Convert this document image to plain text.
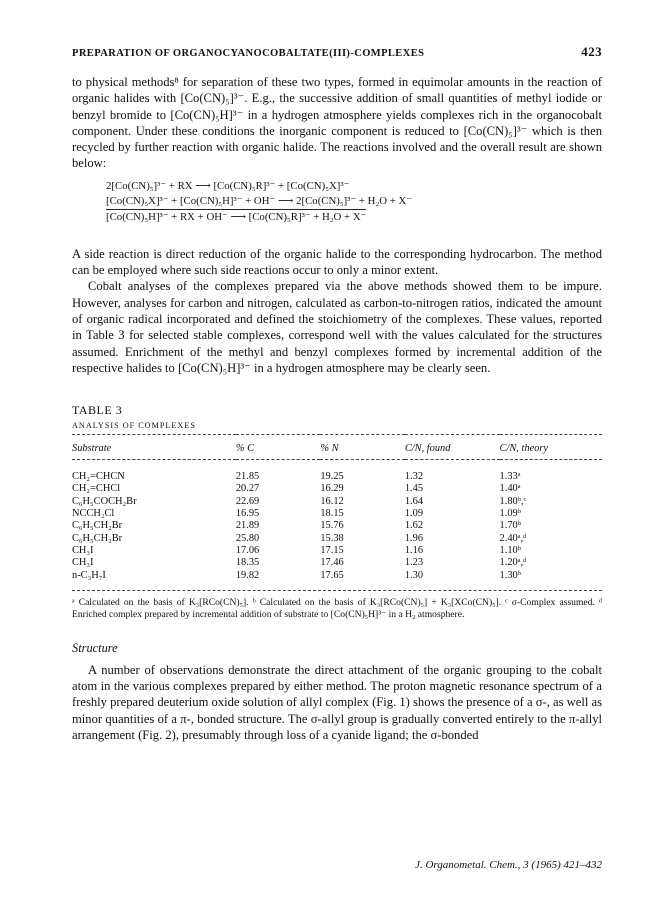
PREPARATION OF ORGANOCYANOCOBALTATE(III)-COMPLEXES	423

to physical methods⁸ for separation of these two types, formed in equimolar amounts in the reaction of organic halides with [Co(CN)₅]³⁻. E.g., the successive addition of small quantities of methyl iodide or benzyl bromide to [Co(CN)₅H]³⁻ in a hydrogen atmosphere yields complexes rich in the organocobalt component. Under these conditions the inorganic component is reduced to [Co(CN)₅]³⁻ which is then recycled by further reaction with organic halide. The reactions involved and the overall result are shown below:

2[Co(CN)₅]³⁻ + RX ⟶ [Co(CN)₅R]³⁻ + [Co(CN)₅X]³⁻
[Co(CN)₅X]³⁻ + [Co(CN)₅H]³⁻ + OH⁻ ⟶ 2[Co(CN)₅]³⁻ + H₂O + X⁻
[Co(CN)₅H]³⁻ + RX + OH⁻ ⟶ [Co(CN)₅R]³⁻ + H₂O + X⁻

A side reaction is direct reduction of the organic halide to the corresponding hydrocarbon. The method can be employed where such side reactions occur to only a minor extent.

Cobalt analyses of the complexes prepared via the above methods showed them to be impure. However, analyses for carbon and nitrogen, calculated as carbon-to-nitrogen ratios, indicated the amount of organic radical incorporated and defined the stoichiometry of the complexes. These values, reported in Table 3 for selected stable complexes, correspond well with the values calculated for the structures assumed. Enrichment of the methyl and benzyl complexes formed by incremental addition of the respective halides to [Co(CN)₅H]³⁻ in a hydrogen atmosphere may be clearly seen.

TABLE 3

ANALYSIS OF COMPLEXES

Substrate	% C	% N	C/N, found	C/N, theory
CH₂=CHCN	21.85	19.25	1.32	1.33ᵃ
CH₂=CHCl	20.27	16.29	1.45	1.40ᵃ
C₆H₅COCH₂Br	22.69	16.12	1.64	1.80ᵇ,ᶜ
NCCH₂Cl	16.95	18.15	1.09	1.09ᵇ
C₆H₅CH₂Br	21.89	15.76	1.62	1.70ᵇ
C₆H₅CH₂Br	25.80	15.38	1.96	2.40ᵃ,ᵈ
CH₃I	17.06	17.15	1.16	1.10ᵇ
CH₃I	18.35	17.46	1.23	1.20ᵃ,ᵈ
n-C₃H₇I	19.82	17.65	1.30	1.30ᵇ

ᵃ Calculated on the basis of K₃[RCo(CN)₅]. ᵇ Calculated on the basis of K₃[RCo(CN)₅] + K₃[XCo(CN)₅]. ᶜ σ-Complex assumed. ᵈ Enriched complex prepared by incremental addition of substrate to [Co(CN)₅H]³⁻ in a H₂ atmosphere.

Structure

A number of observations demonstrate the direct attachment of the organic grouping to the cobalt atom in the various complexes prepared by either method. The proton magnetic resonance spectrum of a freshly prepared deuterium oxide solution of allyl complex (Fig. 1) shows the presence of a σ-, as well as minor quantities of a π-, bonded structure. The σ-allyl group is gradually converted entirely to the π-allyl arrangement (Fig. 2), presumably through loss of a cyanide ligand; the σ-bonded

J. Organometal. Chem., 3 (1965) 421–432
